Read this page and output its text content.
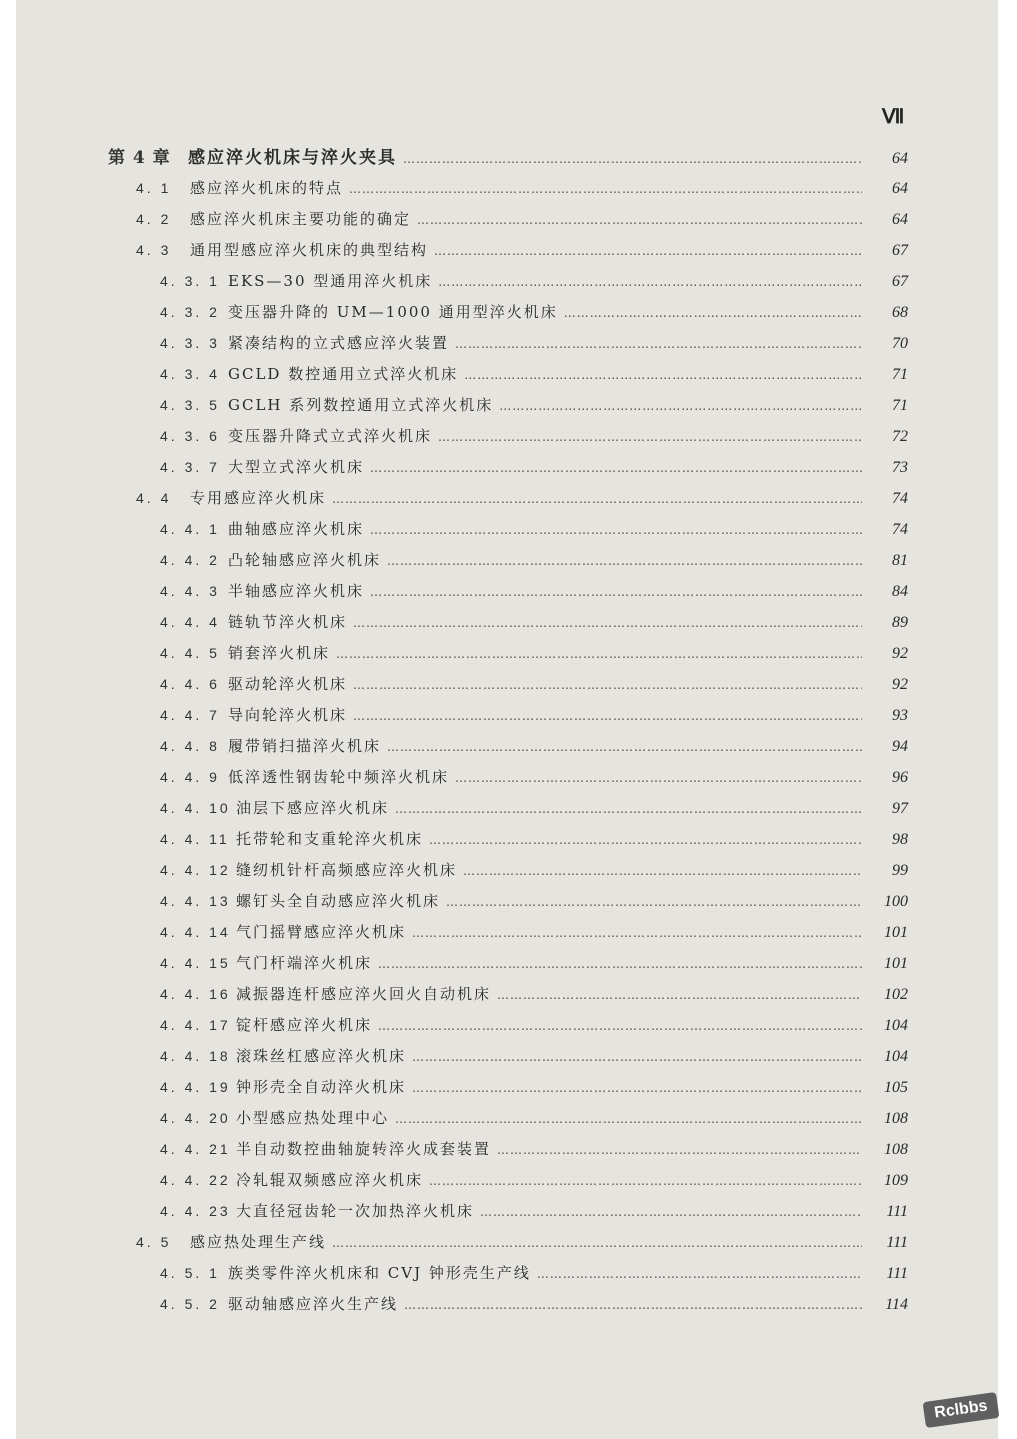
Ⅶ
第 4 章	感应淬火机床与淬火夹具 …………………………………………………………………………………………………………………………………………………………………………………………………………	64
4. 1	感应淬火机床的特点 …………………………………………………………………………………………………………………………………………………………………………………………………………	64
4. 2	感应淬火机床主要功能的确定 …………………………………………………………………………………………………………………………………………………………………………………………………………	64
4. 3	通用型感应淬火机床的典型结构 …………………………………………………………………………………………………………………………………………………………………………………………………………	67
4. 3. 1 EKS—30 型通用淬火机床 …………………………………………………………………………………………………………………………………………………………………………………………………………	67
4. 3. 2 变压器升降的 UM—1000 通用型淬火机床 …………………………………………………………………………………………………………………………………………………………………………………………………………	68
4. 3. 3 紧凑结构的立式感应淬火装置 …………………………………………………………………………………………………………………………………………………………………………………………………………	70
4. 3. 4 GCLD 数控通用立式淬火机床 …………………………………………………………………………………………………………………………………………………………………………………………………………	71
4. 3. 5 GCLH 系列数控通用立式淬火机床 …………………………………………………………………………………………………………………………………………………………………………………………………………	71
4. 3. 6 变压器升降式立式淬火机床 …………………………………………………………………………………………………………………………………………………………………………………………………………	72
4. 3. 7 大型立式淬火机床 …………………………………………………………………………………………………………………………………………………………………………………………………………	73
4. 4	专用感应淬火机床 …………………………………………………………………………………………………………………………………………………………………………………………………………	74
4. 4. 1 曲轴感应淬火机床 …………………………………………………………………………………………………………………………………………………………………………………………………………	74
4. 4. 2 凸轮轴感应淬火机床 …………………………………………………………………………………………………………………………………………………………………………………………………………	81
4. 4. 3 半轴感应淬火机床 …………………………………………………………………………………………………………………………………………………………………………………………………………	84
4. 4. 4 链轨节淬火机床 …………………………………………………………………………………………………………………………………………………………………………………………………………	89
4. 4. 5 销套淬火机床 …………………………………………………………………………………………………………………………………………………………………………………………………………	92
4. 4. 6 驱动轮淬火机床 …………………………………………………………………………………………………………………………………………………………………………………………………………	92
4. 4. 7 导向轮淬火机床 …………………………………………………………………………………………………………………………………………………………………………………………………………	93
4. 4. 8 履带销扫描淬火机床 …………………………………………………………………………………………………………………………………………………………………………………………………………	94
4. 4. 9 低淬透性钢齿轮中频淬火机床 …………………………………………………………………………………………………………………………………………………………………………………………………………	96
4. 4. 10 油层下感应淬火机床 …………………………………………………………………………………………………………………………………………………………………………………………………………	97
4. 4. 11 托带轮和支重轮淬火机床 …………………………………………………………………………………………………………………………………………………………………………………………………………	98
4. 4. 12 缝纫机针杆高频感应淬火机床 …………………………………………………………………………………………………………………………………………………………………………………………………………	99
4. 4. 13 螺钉头全自动感应淬火机床 …………………………………………………………………………………………………………………………………………………………………………………………………………	100
4. 4. 14 气门摇臂感应淬火机床 …………………………………………………………………………………………………………………………………………………………………………………………………………	101
4. 4. 15 气门杆端淬火机床 …………………………………………………………………………………………………………………………………………………………………………………………………………	101
4. 4. 16 减振器连杆感应淬火回火自动机床 …………………………………………………………………………………………………………………………………………………………………………………………………………	102
4. 4. 17 锭杆感应淬火机床 …………………………………………………………………………………………………………………………………………………………………………………………………………	104
4. 4. 18 滚珠丝杠感应淬火机床 …………………………………………………………………………………………………………………………………………………………………………………………………………	104
4. 4. 19 钟形壳全自动淬火机床 …………………………………………………………………………………………………………………………………………………………………………………………………………	105
4. 4. 20 小型感应热处理中心 …………………………………………………………………………………………………………………………………………………………………………………………………………	108
4. 4. 21 半自动数控曲轴旋转淬火成套装置 …………………………………………………………………………………………………………………………………………………………………………………………………………	108
4. 4. 22 冷轧辊双频感应淬火机床 …………………………………………………………………………………………………………………………………………………………………………………………………………	109
4. 4. 23 大直径冠齿轮一次加热淬火机床 …………………………………………………………………………………………………………………………………………………………………………………………………………	111
4. 5	感应热处理生产线 …………………………………………………………………………………………………………………………………………………………………………………………………………	111
4. 5. 1 族类零件淬火机床和 CVJ 钟形壳生产线 …………………………………………………………………………………………………………………………………………………………………………………………………………	111
4. 5. 2 驱动轴感应淬火生产线 …………………………………………………………………………………………………………………………………………………………………………………………………………	114
Rclbbs
